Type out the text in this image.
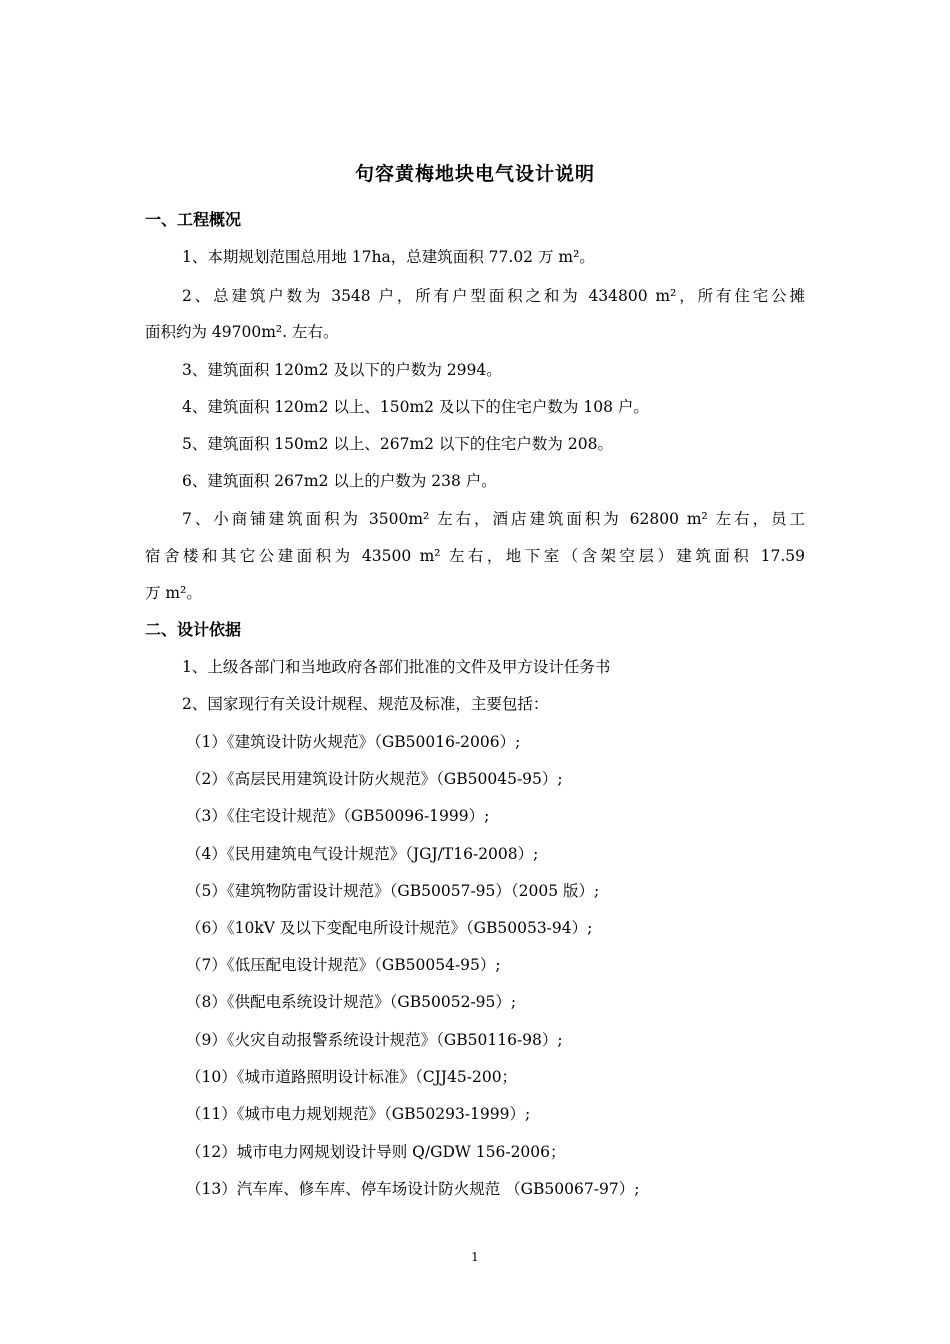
句容黄梅地块电气设计说明
一、工程概况
1、本期规划范围总用地 17ha，总建筑面积 77.02 万 m²。
2、总建筑户数为 3548 户，所有户型面积之和为 434800 m²，所有住宅公摊
面积约为 49700m². 左右。
3、建筑面积 120m2 及以下的户数为 2994。
4、建筑面积 120m2 以上、150m2 及以下的住宅户数为 108 户。
5、建筑面积 150m2 以上、267m2 以下的住宅户数为 208。
6、建筑面积 267m2 以上的户数为 238 户。
7、小商铺建筑面积为 3500m² 左右，酒店建筑面积为 62800 m² 左右，员工
宿舍楼和其它公建面积为 43500 m² 左右，地下室（含架空层）建筑面积 17.59
万 m²。
二、设计依据
1、上级各部门和当地政府各部们批准的文件及甲方设计任务书
2、国家现行有关设计规程、规范及标准，主要包括：
（1）《建筑设计防火规范》（GB50016-2006）;
（2）《高层民用建筑设计防火规范》（GB50045-95）;
（3）《住宅设计规范》（GB50096-1999）;
（4）《民用建筑电气设计规范》（JGJ/T16-2008）;
（5）《建筑物防雷设计规范》（GB50057-95）（2005 版）;
（6）《10kV 及以下变配电所设计规范》（GB50053-94）;
（7）《低压配电设计规范》（GB50054-95）;
（8）《供配电系统设计规范》（GB50052-95）;
（9）《火灾自动报警系统设计规范》（GB50116-98）;
（10）《城市道路照明设计标准》（CJJ45-200；
（11）《城市电力规划规范》（GB50293-1999）;
（12）城市电力网规划设计导则 Q/GDW 156-2006；
（13）汽车库、修车库、停车场设计防火规范 （GB50067-97）;
1
